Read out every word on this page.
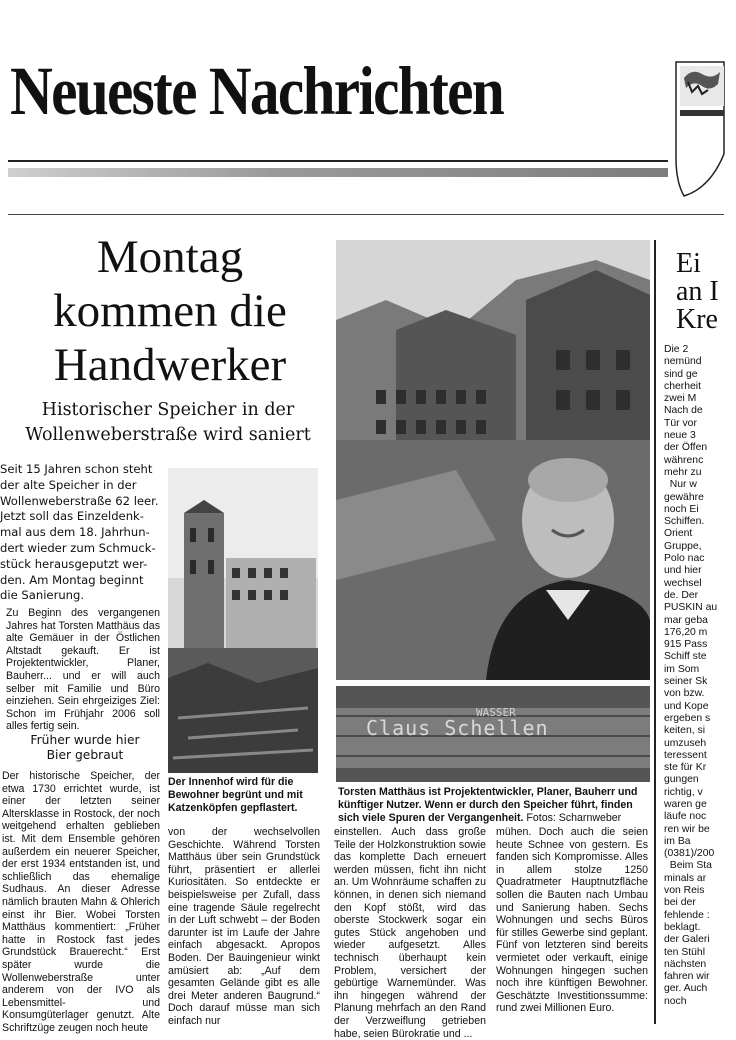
Neueste Nachrichten
Montag
kommen die
Handwerker
Historischer Speicher in der
Wollenweberstraße wird saniert
Seit 15 Jahren schon steht
der alte Speicher in der
Wollenweberstraße 62 leer.
Jetzt soll das Einzeldenk-
mal aus dem 18. Jahrhun-
dert wieder zum Schmuck-
stück herausgeputzt wer-
den. Am Montag beginnt
die Sanierung.
Zu Beginn des vergangenen Jahres hat Torsten Matthäus das alte Gemäuer in der Östlichen Altstadt gekauft. Er ist Projektentwickler, Planer, Bauherr... und er will auch selber mit Familie und Büro einziehen. Sein ehrgeiziges Ziel: Schon im Frühjahr 2006 soll alles fertig sein.
Früher wurde hier
Bier gebraut
Der historische Speicher, der etwa 1730 errichtet wurde, ist einer der letzten seiner Altersklasse in Rostock, der noch weitgehend erhalten geblieben ist. Mit dem Ensemble gehören außerdem ein neuerer Speicher, der erst 1934 entstanden ist, und schließlich das ehemalige Sudhaus. An dieser Adresse nämlich brauten Mahn & Ohlerich einst ihr Bier. Wobei Torsten Matthäus kommentiert: „Früher hatte in Rostock fast jedes Grundstück Brauerecht.“ Erst später wurde die Wollenweberstraße unter anderem von der IVO als Lebensmittel- und Konsumgüterlager genutzt. Alte Schriftzüge zeugen noch heute
Der Innenhof wird für die Bewohner begrünt und mit Katzenköpfen gepflastert.
Claus Schellen
WASSER
Torsten Matthäus ist Projektentwickler, Planer, Bauherr und künftiger Nutzer. Wenn er durch den Speicher führt, finden sich viele Spuren der Vergangenheit. Fotos: Scharnweber
von der wechselvollen Geschichte. Während Torsten Matthäus über sein Grundstück führt, präsentiert er allerlei Kuriositäten. So entdeckte er beispielsweise per Zufall, dass eine tragende Säule regelrecht in der Luft schwebt – der Boden darunter ist im Laufe der Jahre einfach abgesackt. Apropos Boden. Der Bauingenieur winkt amüsiert ab: „Auf dem gesamten Gelände gibt es alle drei Meter anderen Baugrund.“ Doch darauf müsse man sich einfach nur
einstellen. Auch dass große Teile der Holzkonstruktion sowie das komplette Dach erneuert werden müssen, ficht ihn nicht an. Um Wohnräume schaffen zu können, in denen sich niemand den Kopf stößt, wird das oberste Stockwerk sogar ein gutes Stück angehoben und wieder aufgesetzt. Alles technisch überhaupt kein Problem, versichert der gebürtige Warnemünder. Was ihn hingegen während der Planung mehrfach an den Rand der Verzweiflung getrieben habe, seien Bürokratie und ...
mühen. Doch auch die seien heute Schnee von gestern. Es fanden sich Kompromisse. Alles in allem stolze 1250 Quadratmeter Hauptnutzfläche sollen die Bauten nach Umbau und Sanierung haben. Sechs Wohnungen und sechs Büros für stilles Gewerbe sind geplant. Fünf von letzteren sind bereits vermietet oder verkauft, einige Wohnungen hingegen suchen noch ihre künftigen Bewohner. Geschätzte Investitionssumme: rund zwei Millionen Euro.
Ei
an I
Kre
Die 2
nemünd
sind ge
cherheit
zwei M
Nach de
Tür vor
neue 3
der Öffen
währenc
mehr zu
Nur w
gewähre
noch Ei
Schiffen.
Orient
Gruppe,
Polo nac
und hier
wechsel
de. Der
PUSKIN au
mar geba
176,20 m
915 Pass
Schiff ste
im Som
seiner Sk
von bzw.
und Kope
ergeben s
keiten, si
umzuseh
teressent
ste für Kr
gungen
richtig, v
waren ge
läufe noc
ren wir be
im Ba
(0381)/200
Beim Sta
minals ar
von Reis
bei der
fehlende :
beklagt.
der Galeri
ten Stühl
nächsten
fahren wir
ger. Auch
noch
